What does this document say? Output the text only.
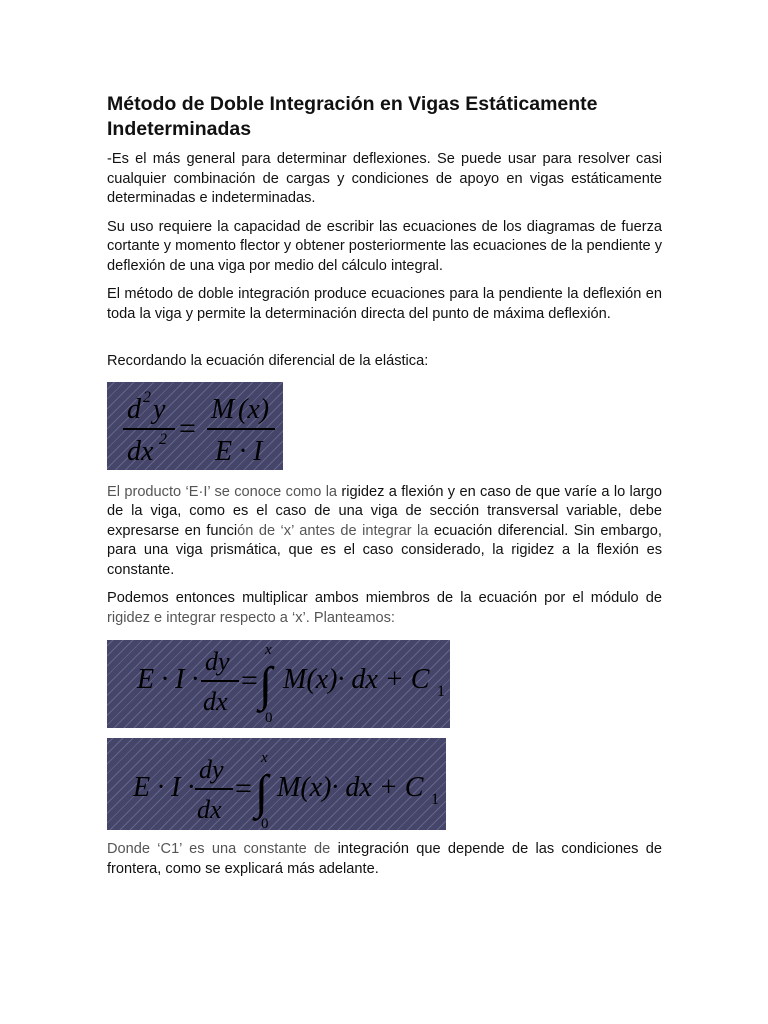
Método de Doble Integración en Vigas Estáticamente Indeterminadas

-Es el más general para determinar deflexiones. Se puede usar para resolver casi cualquier combinación de cargas y condiciones de apoyo en vigas estáticamente determinadas e indeterminadas.

Su uso requiere la capacidad de escribir las ecuaciones de los diagramas de fuerza cortante y momento flector y obtener posteriormente las ecuaciones de la pendiente y deflexión de una viga por medio del cálculo integral.

El método de doble integración produce ecuaciones para la pendiente la deflexión en toda la viga y permite la determinación directa del punto de máxima deflexión.

Recordando la ecuación diferencial de la elástica:

d 2 y
dx 2 =
M (x)
E · I

El producto ‘E·I’ se conoce como la rigidez a flexión y en caso de que varíe a lo largo de la viga, como es el caso de una viga de sección transversal variable, debe expresarse en función de ‘x’ antes de integrar la ecuación diferencial. Sin embargo, para una viga prismática, que es el caso considerado, la rigidez a la flexión es constante.

Podemos entonces multiplicar ambos miembros de la ecuación por el módulo de rigidez e integrar respecto a ‘x’. Planteamos:

E · I ·
dy
dx
=
x
∫
0
M(x)· dx + C 1
E · I ·
dy
dx
=
x
∫
0
M(x)· dx + C 1

Donde ‘C1’ es una constante de integración que depende de las condiciones de frontera, como se explicará más adelante.
